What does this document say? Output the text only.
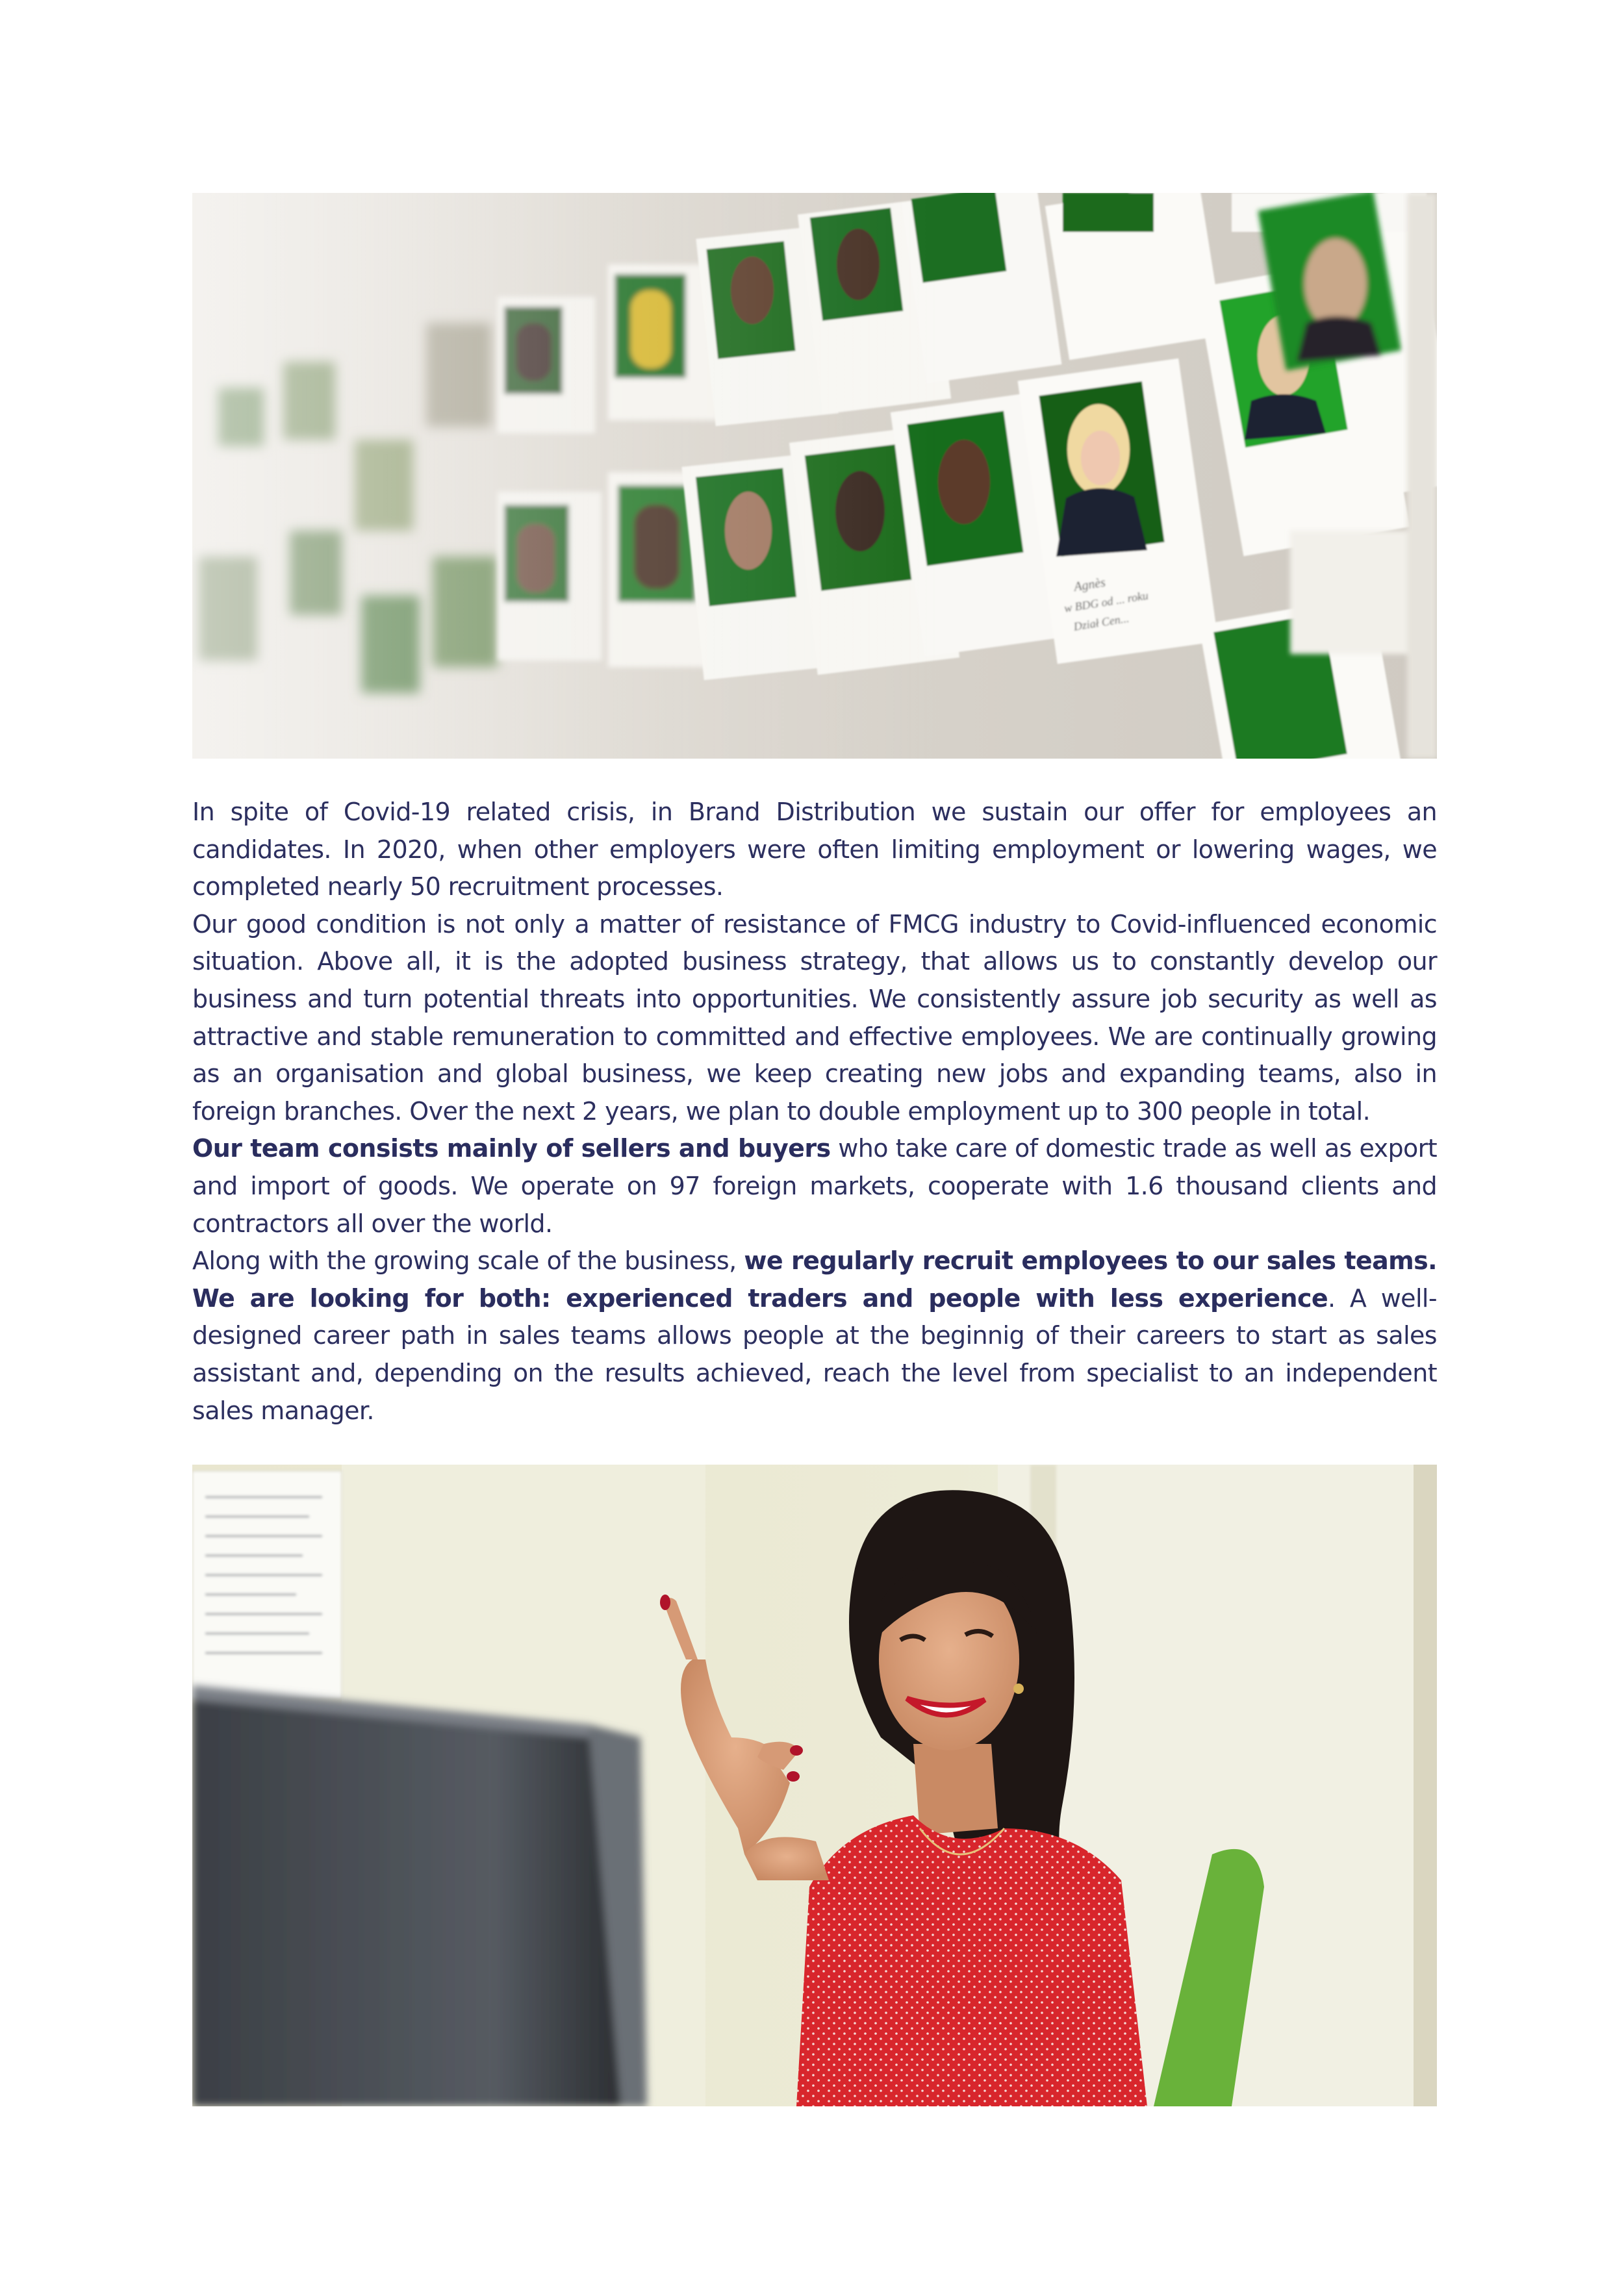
In spite of Covid-19 related crisis, in Brand Distribution we sustain our offer for employees an candidates. In 2020, when other employers were often limiting employment or lowering wages, we completed nearly 50 recruitment processes.

Our good condition is not only a matter of resistance of FMCG industry to Covid-influenced economic situation. Above all, it is the adopted business strategy, that allows us to constantly develop our business and turn potential threats into opportunities. We consistently assure job security as well as attractive and stable remuneration to committed and effective employees. We are continually growing as an organisation and global business, we keep creating new jobs and expanding teams, also in foreign branches. Over the next 2 years, we plan to double employment up to 300 people in total.

Our team consists mainly of sellers and buyers who take care of domestic trade as well as export and import of goods. We operate on 97 foreign markets, cooperate with 1.6 thousand clients and contractors all over the world.

Along with the growing scale of the business, we regularly recruit employees to our sales teams. We are looking for both: experienced traders and people with less experience. A well-designed career path in sales teams allows people at the beginnig of their careers to start as sales assistant and, depending on the results achieved, reach the level from specialist to an independent sales manager.
